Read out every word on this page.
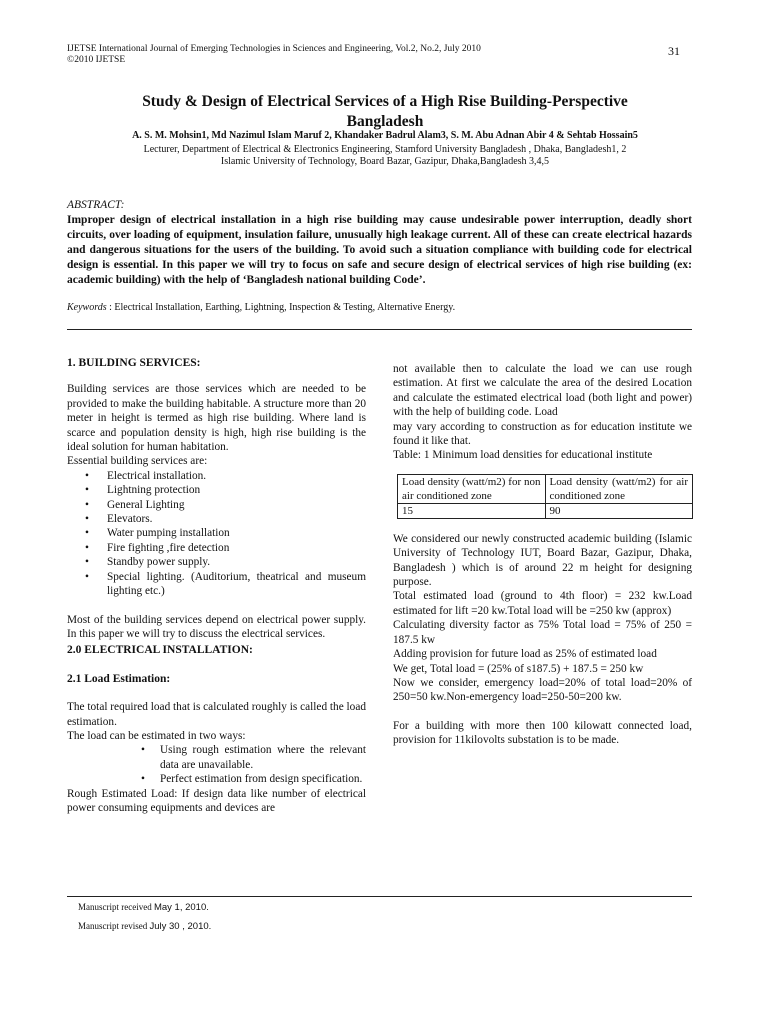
IJETSE International Journal of Emerging Technologies in Sciences and Engineering, Vol.2, No.2, July 2010
©2010 IJETSE
31
Study & Design of Electrical Services of a High Rise Building-Perspective
Bangladesh
A. S. M. Mohsin1, Md Nazimul Islam Maruf 2, Khandaker Badrul Alam3, S. M. Abu Adnan Abir 4 & Sehtab Hossain5
Lecturer, Department of Electrical & Electronics Engineering, Stamford University Bangladesh , Dhaka, Bangladesh1, 2
Islamic University of Technology, Board Bazar, Gazipur, Dhaka,Bangladesh 3,4,5
ABSTRACT:
Improper design of electrical installation in a high rise building may cause undesirable power interruption, deadly short circuits, over loading of equipment, insulation failure, unusually high leakage current. All of these can create electrical hazards and dangerous situations for the users of the building. To avoid such a situation compliance with building code for electrical design is essential. In this paper we will try to focus on safe and secure design of electrical services of high rise building (ex: academic building) with the help of ‘Bangladesh national building Code’.
Keywords : Electrical Installation, Earthing, Lightning, Inspection & Testing, Alternative Energy.
1. BUILDING SERVICES:

Building services are those services which are needed to be provided to make the building habitable. A structure more than 20 meter in height is termed as high rise building. Where land is scarce and population density is high, high rise building is the ideal solution for human habitation.

Essential building services are:

• Electrical installation.
• Lightning protection
• General Lighting
• Elevators.
• Water pumping installation
• Fire fighting ,fire detection
• Standby power supply.
• Special lighting. (Auditorium, theatrical and museum lighting etc.)

Most of the building services depend on electrical power supply. In this paper we will try to discuss the electrical services.

2.0 ELECTRICAL INSTALLATION:
2.1 Load Estimation:

The total required load that is calculated roughly is called the load estimation.

The load can be estimated in two ways:

• Using rough estimation where the relevant data are unavailable.
• Perfect estimation from design specification.

Rough Estimated Load: If design data like number of electrical power consuming equipments and devices are

not available then to calculate the load we can use rough estimation. At first we calculate the area of the desired Location and calculate the estimated electrical load (both light and power) with the help of building code. Load

may vary according to construction as for education institute we found it like that.

Table: 1 Minimum load densities for educational institute

Load density (watt/m2) for non air conditioned zone	Load density (watt/m2) for air conditioned zone
15	90

We considered our newly constructed academic building (Islamic University of Technology IUT, Board Bazar, Gazipur, Dhaka, Bangladesh ) which is of around 22 m height for designing purpose.

Total estimated load (ground to 4th floor) = 232 kw.Load estimated for lift =20 kw.Total load will be =250 kw (approx)

Calculating diversity factor as 75% Total load = 75% of 250 = 187.5 kw

Adding provision for future load as 25% of estimated load

We get, Total load = (25% of s187.5) + 187.5 = 250 kw

Now we consider, emergency load=20% of total load=20% of 250=50 kw.Non-emergency load=250-50=200 kw.

For a building with more then 100 kilowatt connected load, provision for 11kilovolts substation is to be made.

Manuscript received May 1, 2010.
Manuscript revised July 30 , 2010.
